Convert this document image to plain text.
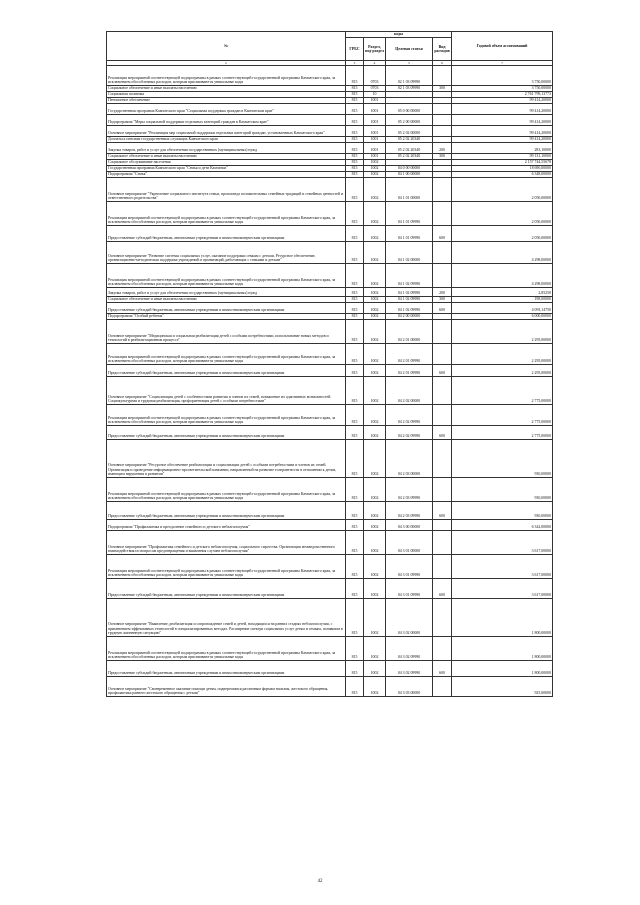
№	коды				Годовой объем ассигнований
	ГРБС	Раздел, под-раздел	Целевая статья	Вид расходов	
2	3	4	5	6	7
Реализация мероприятий соответствующей подпрограммы в рамках соответствующей государственной программы Камчатского края, за исключением обособленных расходов, которым присваиваются уникальные коды	815	0703	02 1 03 09990		3 750,00000
Социальное обеспечение и иные выплаты населению	815	0703	02 1 03 09990	300	3 750,00000
Социальная политика	815	10			2 761 799,13773
Пенсионное обеспечение	815	1001			99 414,20000
Государственная программа Камчатского края "Социальная поддержка граждан в Камчатском крае"	815	1001	05 0 00 00000		99 414,20000
Подпрограмма "Меры социальной поддержки отдельных категорий граждан в Камчатском крае"	815	1001	05 2 00 00000		99 414,20000
Основное мероприятие "Реализация мер социальной поддержки отдельных категорий граждан, установленных Камчатского края"	815	1001	05 2 02 00000		99 414,20000
Доплаты к пенсиям государственных служащих Камчатского края	815	1001	05 2 02 20340		99 414,20000
Закупка товаров, работ и услуг для обеспечения государственных (муниципальных) нужд	815	1001	05 2 02 20340	200	283,10000
Социальное обеспечение и иные выплаты населению	815	1001	05 2 02 20340	300	99 131,10000
Социальное обслуживание населения	815	1002			2 157 744,55678
Государственная программа Камчатского края "Семья и дети Камчатки"	815	1002	04 0 00 00000		18 690,00000
Подпрограмма "Семья"	815	1002	04 1 00 00000		6 348,00000
Основное мероприятие "Укрепление социального института семьи, пропаганда положительных семейных традиций и семейных ценностей и ответственного родительства"	815	1002	04 1 01 00000		2 050,00000
Реализация мероприятий соответствующей подпрограммы в рамках соответствующей государственной программы Камчатского края, за исключением обособленных расходов, которым присваиваются уникальные коды	815	1002	04 1 01 09990		2 050,00000
Предоставление субсидий бюджетным, автономным учреждениям и иным некоммерческим организациям	815	1002	04 1 01 09990	600	2 050,00000
Основное мероприятие "Развитие системы социальных услуг, оказание поддержки семьям с детьми. Ресурсное обеспечение, организационно-методическая поддержка учреждений и организаций, работающих с семьями и детьми"	815	1002	04 1 02 00000		4 298,00000
Реализация мероприятий соответствующей подпрограммы в рамках соответствующей государственной программы Камчатского края, за исключением обособленных расходов, которым присваиваются уникальные коды	815	1002	04 1 02 09990		4 298,00000
Закупка товаров, работ и услуг для обеспечения государственных (муниципальных) нужд	815	1002	04 1 02 09990	200	2,85250
Социальное обеспечение и иные выплаты населению	815	1002	04 1 02 09990	300	198,00000
Предоставление субсидий бюджетным, автономным учреждениям и иным некоммерческим организациям	815	1002	04 1 02 09990	600	4 093,14750
Подпрограмма "Особый ребенок"	815	1002	04 2 00 00000		6 000,00000
Основное мероприятие "Медицинская и социальная реабилитация детей с особыми потребностями, использование новых методов и технологий в реабилитационном процессе"	815	1002	04 2 01 00000		2 295,00000
Реализация мероприятий соответствующей подпрограммы в рамках соответствующей государственной программы Камчатского края, за исключением обособленных расходов, которым присваиваются уникальные коды	815	1002	04 2 01 09990		2 295,00000
Предоставление субсидий бюджетным, автономным учреждениям и иным некоммерческим организациям	815	1002	04 2 01 09990	600	2 295,00000
Основное мероприятие "Социализация детей с особенностями развития и членов их семей, повышение их адаптивных возможностей. Социокультурная и трудовая реабилитация, профориентация детей с особыми потребностями"	815	1002	04 2 02 00000		2 775,00000
Реализация мероприятий соответствующей подпрограммы в рамках соответствующей государственной программы Камчатского края, за исключением обособленных расходов, которым присваиваются уникальные коды	815	1002	04 2 02 09990		2 775,00000
Предоставление субсидий бюджетным, автономным учреждениям и иным некоммерческим организациям	815	1002	04 2 02 09990	600	2 775,00000
Основное мероприятие "Ресурсное обеспечение реабилитации и социализации детей с особыми потребностями и членов их семей. Организация и проведение информационно-просветительской кампании, направленной на развитие толерантности в отношении к детям, имеющим нарушения в развитии"	815	1002	04 2 03 00000		930,00000
Реализация мероприятий соответствующей подпрограммы в рамках соответствующей государственной программы Камчатского края, за исключением обособленных расходов, которым присваиваются уникальные коды	815	1002	04 2 03 09990		930,00000
Предоставление субсидий бюджетным, автономным учреждениям и иным некоммерческим организациям	815	1002	04 2 03 09990	600	930,00000
Подпрограмма "Профилактика и преодоление семейного и детского неблагополучия"	815	1002	04 3 00 00000		6 342,00000
Основное мероприятие "Профилактика семейного и детского неблагополучия, социального сиротства. Организация межведомственного взаимодействия по вопросам предотвращения и выявления случаев неблагополучия"	815	1002	04 3 01 00000		3 617,00000
Реализация мероприятий соответствующей подпрограммы в рамках соответствующей государственной программы Камчатского края, за исключением обособленных расходов, которым присваиваются уникальные коды	815	1002	04 3 01 09990		3 617,00000
Предоставление субсидий бюджетным, автономным учреждениям и иным некоммерческим организациям	815	1002	04 3 01 09990	600	3 617,00000
Основное мероприятие "Выявление, реабилитация и сопровождение семей и детей, находящихся на ранних стадиях неблагополучия, с применением эффективных технологий в специализированных методах. Расширение спектра социальных услуг детям и семьям, попавшим в трудную жизненную ситуацию"	815	1002	04 3 02 00000		1 800,00000
Реализация мероприятий соответствующей подпрограммы в рамках соответствующей государственной программы Камчатского края, за исключением обособленных расходов, которым присваиваются уникальные коды	815	1002	04 3 02 09990		1 800,00000
Предоставление субсидий бюджетным, автономным учреждениям и иным некоммерческим организациям	815	1002	04 3 02 09990	600	1 800,00000
Основное мероприятие "Своевременное оказание помощи детям, подвергшимся различным формам насилия, жестокого обращения, профилактика раннего жестокого обращения с детьми"	815	1002	04 3 03 00000		925,00000
42
